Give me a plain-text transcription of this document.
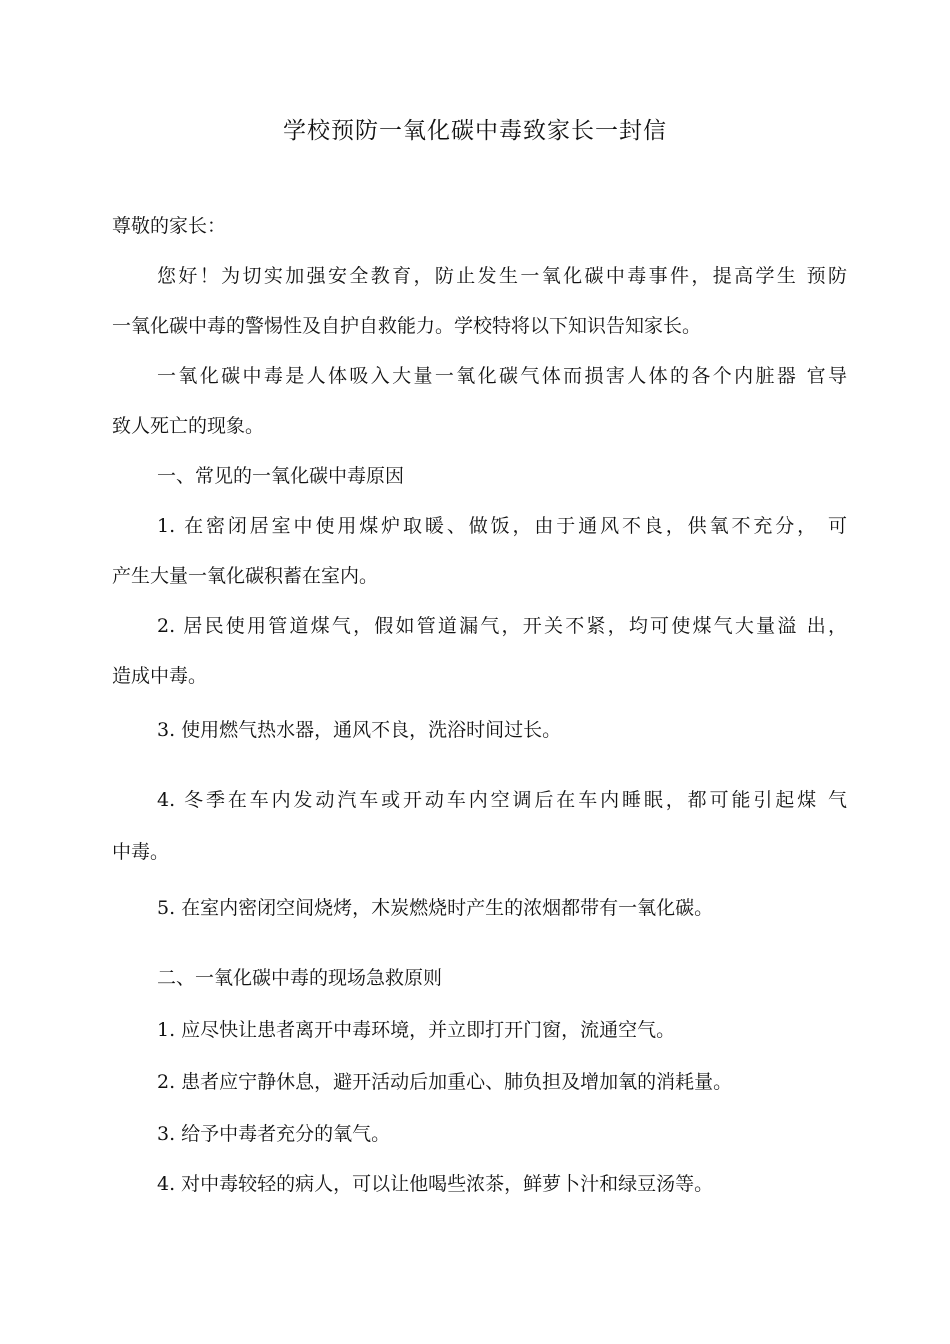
学校预防一氧化碳中毒致家长一封信
尊敬的家长：
您好！为切实加强安全教育，防止发生一氧化碳中毒事件，提高学生 预防
一氧化碳中毒的警惕性及自护自救能力。学校特将以下知识告知家长。
一氧化碳中毒是人体吸入大量一氧化碳气体而损害人体的各个内脏器 官导
致人死亡的现象。
一、常见的一氧化碳中毒原因
1. 在密闭居室中使用煤炉取暖、做饭，由于通风不良，供氧不充分， 可
产生大量一氧化碳积蓄在室内。
2. 居民使用管道煤气，假如管道漏气，开关不紧，均可使煤气大量溢 出，
造成中毒。
3. 使用燃气热水器，通风不良，洗浴时间过长。
4. 冬季在车内发动汽车或开动车内空调后在车内睡眠，都可能引起煤 气
中毒。
5. 在室内密闭空间烧烤，木炭燃烧时产生的浓烟都带有一氧化碳。
二、一氧化碳中毒的现场急救原则
1. 应尽快让患者离开中毒环境，并立即打开门窗，流通空气。
2. 患者应宁静休息，避开活动后加重心、肺负担及增加氧的消耗量。
3. 给予中毒者充分的氧气。
4. 对中毒较轻的病人，可以让他喝些浓茶，鲜萝卜汁和绿豆汤等。
